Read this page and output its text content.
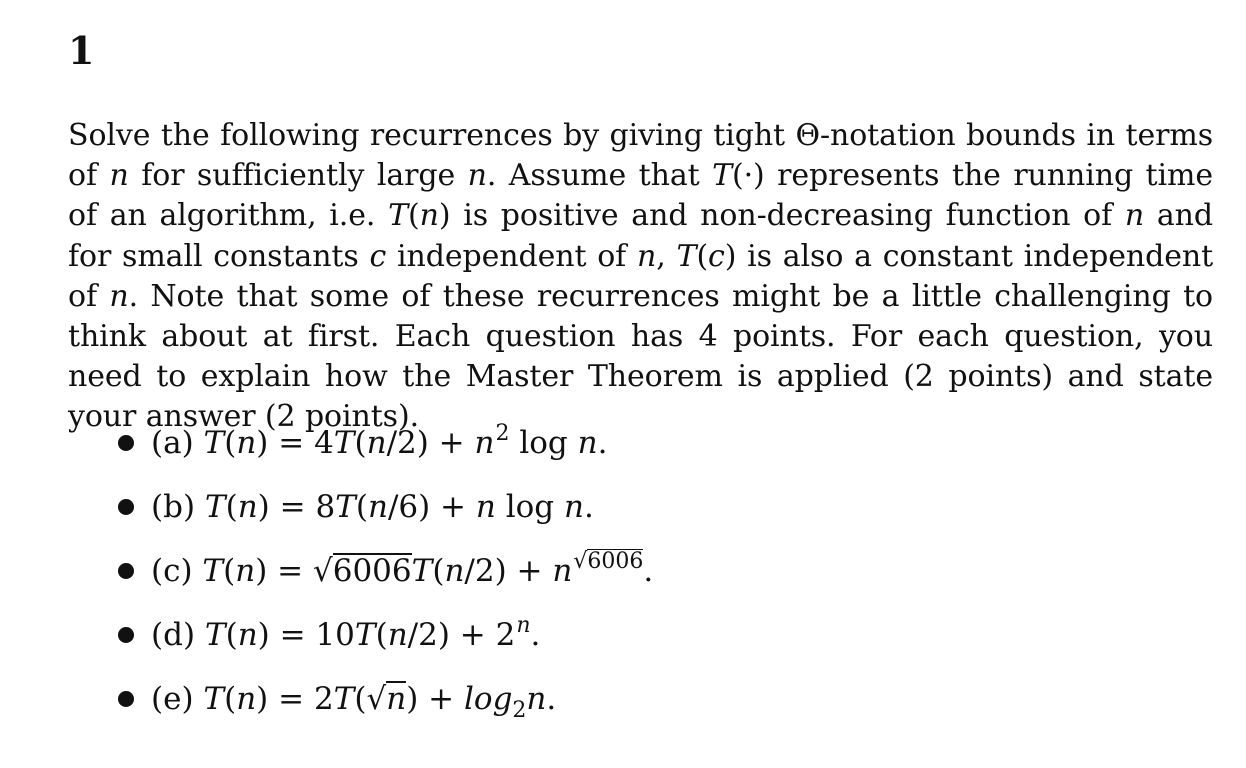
1

Solve the following recurrences by giving tight Θ-notation bounds in terms of n for sufficiently large n. Assume that T(·) represents the running time of an algorithm, i.e. T(n) is positive and non-decreasing function of n and for small constants c independent of n, T(c) is also a constant independent of n. Note that some of these recurrences might be a little challenging to think about at first. Each question has 4 points. For each question, you need to explain how the Master Theorem is applied (2 points) and state your answer (2 points).

(a) $T(n) = 4T(n/2) + n^2$ log n.
(b) T(n) = 8T(n/6) + n log n.
(c) T(n) = √6006T(n/2) + n√6006.
(d) $T(n) = 10T(n/2) + 2^n$.
(e) $T(n) = 2T(√n) + \log_2n$.
